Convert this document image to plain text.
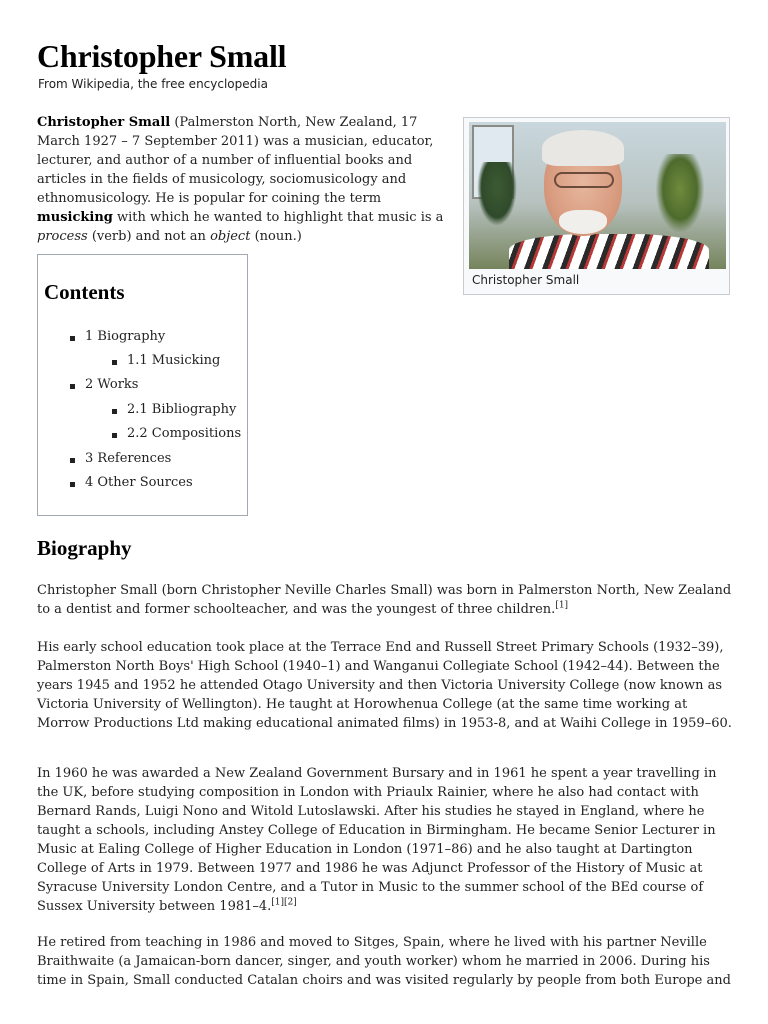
Christopher Small
From Wikipedia, the free encyclopedia

Christopher Small (Palmerston North, New Zealand, 17 March 1927 – 7 September 2011) was a musician, educator, lecturer, and author of a number of influential books and articles in the fields of musicology, sociomusicology and ethnomusicology. He is popular for coining the term musicking with which he wanted to highlight that music is a process (verb) and not an object (noun.)

Christopher Small
Contents
1 Biography
1.1 Musicking
2 Works
2.1 Bibliography
2.2 Compositions
3 References
4 Other Sources
Biography

Christopher Small (born Christopher Neville Charles Small) was born in Palmerston North, New Zealand to a dentist and former schoolteacher, and was the youngest of three children.[1]

His early school education took place at the Terrace End and Russell Street Primary Schools (1932–39), Palmerston North Boys' High School (1940–1) and Wanganui Collegiate School (1942–44). Between the years 1945 and 1952 he attended Otago University and then Victoria University College (now known as Victoria University of Wellington). He taught at Horowhenua College (at the same time working at Morrow Productions Ltd making educational animated films) in 1953-8, and at Waihi College in 1959–60.

In 1960 he was awarded a New Zealand Government Bursary and in 1961 he spent a year travelling in the UK, before studying composition in London with Priaulx Rainier, where he also had contact with Bernard Rands, Luigi Nono and Witold Lutoslawski. After his studies he stayed in England, where he taught a schools, including Anstey College of Education in Birmingham. He became Senior Lecturer in Music at Ealing College of Higher Education in London (1971–86) and he also taught at Dartington College of Arts in 1979. Between 1977 and 1986 he was Adjunct Professor of the History of Music at Syracuse University London Centre, and a Tutor in Music to the summer school of the BEd course of Sussex University between 1981–4.[1][2]

He retired from teaching in 1986 and moved to Sitges, Spain, where he lived with his partner Neville Braithwaite (a Jamaican-born dancer, singer, and youth worker) whom he married in 2006. During his time in Spain, Small conducted Catalan choirs and was visited regularly by people from both Europe and
